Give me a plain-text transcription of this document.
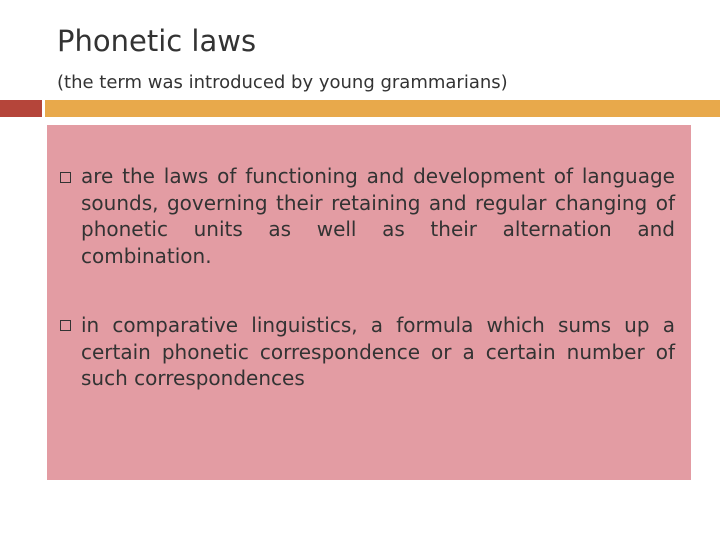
Phonetic laws
(the term was introduced by young grammarians)
are the laws of functioning and development of language sounds, governing their retaining and regular changing of phonetic units as well as their alternation and combination.
in comparative linguistics, a formula which sums up a certain phonetic correspondence or a certain number of such correspondences
